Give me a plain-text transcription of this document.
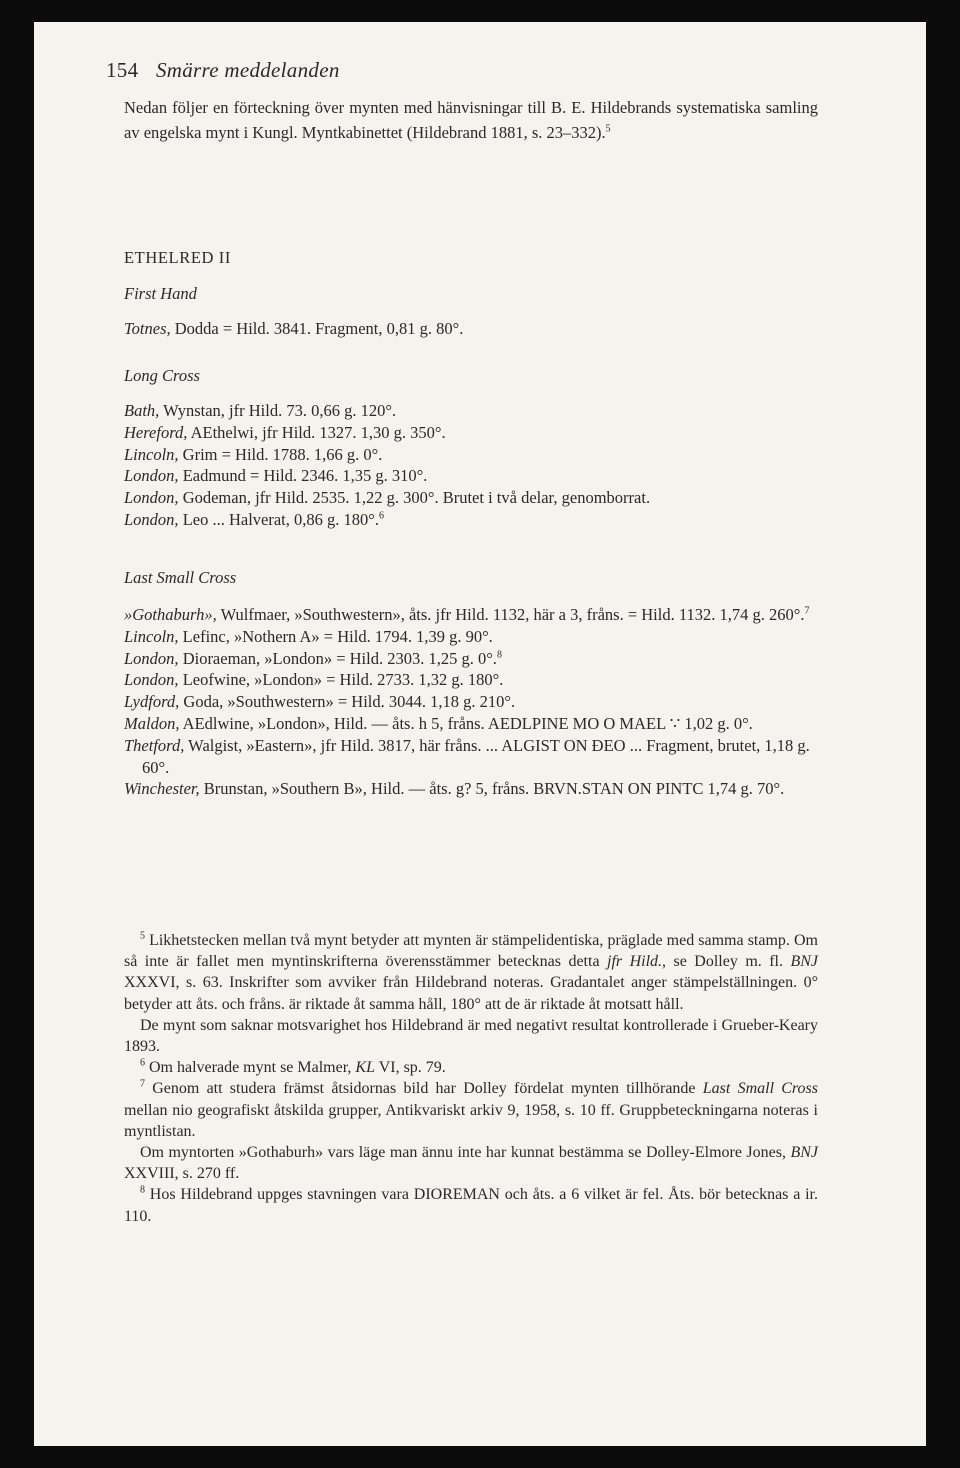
154 Smärre meddelanden
Nedan följer en förteckning över mynten med hänvisningar till B. E. Hildebrands systematiska samling av engelska mynt i Kungl. Myntkabinettet (Hildebrand 1881, s. 23–332).$^5$
ETHELRED II
First Hand

Totnes, Dodda = Hild. 3841. Fragment, 0,81 g. 80°.

Long Cross

Bath, Wynstan, jfr Hild. 73. 0,66 g. 120°.

Hereford, AEthelwi, jfr Hild. 1327. 1,30 g. 350°.

Lincoln, Grim = Hild. 1788. 1,66 g. 0°.

London, Eadmund = Hild. 2346. 1,35 g. 310°.

London, Godeman, jfr Hild. 2535. 1,22 g. 300°. Brutet i två delar, genomborrat.

London, Leo ... Halverat, 0,86 g. 180°.$^6$

Last Small Cross

»Gothaburh», Wulfmaer, »Southwestern», åts. jfr Hild. 1132, här a 3, fråns. = Hild. 1132. 1,74 g. 260°.$^7$

Lincoln, Lefinc, »Nothern A» = Hild. 1794. 1,39 g. 90°.

London, Dioraeman, »London» = Hild. 2303. 1,25 g. 0°.$^8$

London, Leofwine, »London» = Hild. 2733. 1,32 g. 180°.

Lydford, Goda, »Southwestern» = Hild. 3044. 1,18 g. 210°.

Maldon, AEdlwine, »London», Hild. — åts. h 5, fråns. AEDLPINE MO O MAEL ∵ 1,02 g. 0°.

Thetford, Walgist, »Eastern», jfr Hild. 3817, här fråns. ... ALGIST ON ÐEO ... Fragment, brutet, 1,18 g. 60°.

Winchester, Brunstan, »Southern B», Hild. — åts. g? 5, fråns. BRVN.STAN ON PINTC 1,74 g. 70°.

$^5$ Likhetstecken mellan två mynt betyder att mynten är stämpelidentiska, präglade med samma stamp. Om så inte är fallet men myntinskrifterna överensstämmer betecknas detta jfr Hild., se Dolley m. fl. BNJ XXXVI, s. 63. Inskrifter som avviker från Hildebrand noteras. Gradantalet anger stämpelställningen. 0° betyder att åts. och fråns. är riktade åt samma håll, 180° att de är riktade åt motsatt håll.

De mynt som saknar motsvarighet hos Hildebrand är med negativt resultat kontrollerade i Grueber-Keary 1893.

$^6$ Om halverade mynt se Malmer, KL VI, sp. 79.

$^7$ Genom att studera främst åtsidornas bild har Dolley fördelat mynten tillhörande Last Small Cross mellan nio geografiskt åtskilda grupper, Antikvariskt arkiv 9, 1958, s. 10 ff. Gruppbeteckningarna noteras i myntlistan.

Om myntorten »Gothaburh» vars läge man ännu inte har kunnat bestämma se Dolley-Elmore Jones, BNJ XXVIII, s. 270 ff.

$^8$ Hos Hildebrand uppges stavningen vara DIOREMAN och åts. a 6 vilket är fel. Åts. bör betecknas a ir. 110.
